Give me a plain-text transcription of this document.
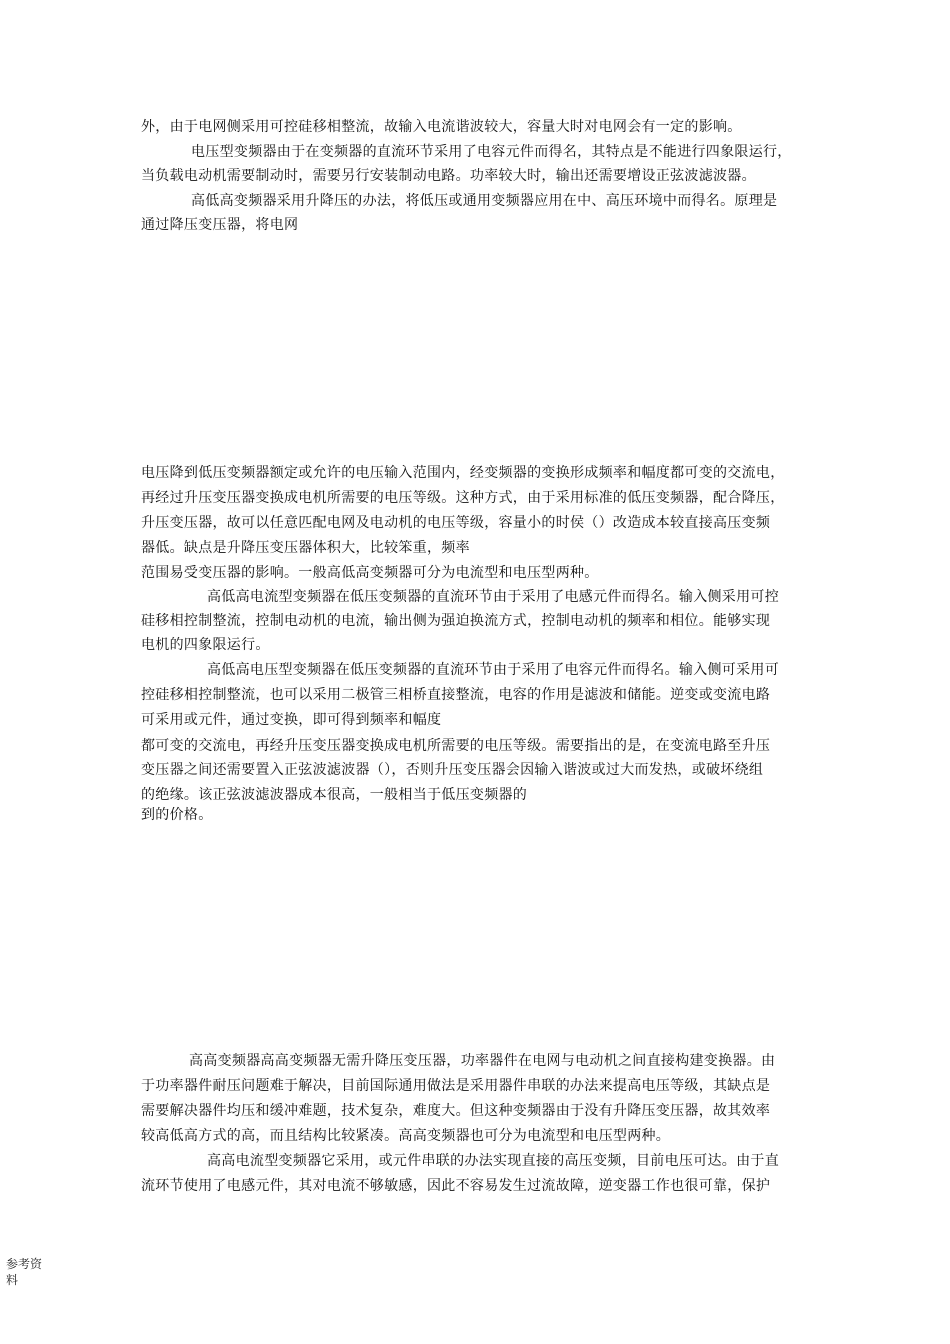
外，由于电网侧采用可控硅移相整流，故输入电流谐波较大，容量大时对电网会有一定的影响。

电压型变频器由于在变频器的直流环节采用了电容元件而得名，其特点是不能进行四象限运行，

当负载电动机需要制动时，需要另行安装制动电路。功率较大时，输出还需要增设正弦波滤波器。

高低高变频器采用升降压的办法，将低压或通用变频器应用在中、高压环境中而得名。原理是

通过降压变压器，将电网

电压降到低压变频器额定或允许的电压输入范围内，经变频器的变换形成频率和幅度都可变的交流电，

再经过升压变压器变换成电机所需要的电压等级。这种方式，由于采用标准的低压变频器，配合降压，

升压变压器，故可以任意匹配电网及电动机的电压等级，容量小的时侯（）改造成本较直接高压变频

器低。缺点是升降压变压器体积大，比较笨重，频率

范围易受变压器的影响。一般高低高变频器可分为电流型和电压型两种。

高低高电流型变频器在低压变频器的直流环节由于采用了电感元件而得名。输入侧采用可控

硅移相控制整流，控制电动机的电流，输出侧为强迫换流方式，控制电动机的频率和相位。能够实现

电机的四象限运行。

高低高电压型变频器在低压变频器的直流环节由于采用了电容元件而得名。输入侧可采用可

控硅移相控制整流，也可以采用二极管三相桥直接整流，电容的作用是滤波和储能。逆变或变流电路

可采用或元件，通过变换，即可得到频率和幅度

都可变的交流电，再经升压变压器变换成电机所需要的电压等级。需要指出的是，在变流电路至升压

变压器之间还需要置入正弦波滤波器（），否则升压变压器会因输入谐波或过大而发热，或破坏绕组

的绝缘。该正弦波滤波器成本很高，一般相当于低压变频器的

到的价格。

高高变频器高高变频器无需升降压变压器，功率器件在电网与电动机之间直接构建变换器。由

于功率器件耐压问题难于解决，目前国际通用做法是采用器件串联的办法来提高电压等级，其缺点是

需要解决器件均压和缓冲难题，技术复杂，难度大。但这种变频器由于没有升降压变压器，故其效率

较高低高方式的高，而且结构比较紧凑。高高变频器也可分为电流型和电压型两种。

高高电流型变频器它采用，或元件串联的办法实现直接的高压变频，目前电压可达。由于直

流环节使用了电感元件，其对电流不够敏感，因此不容易发生过流故障，逆变器工作也很可靠，保护

参考资

料
